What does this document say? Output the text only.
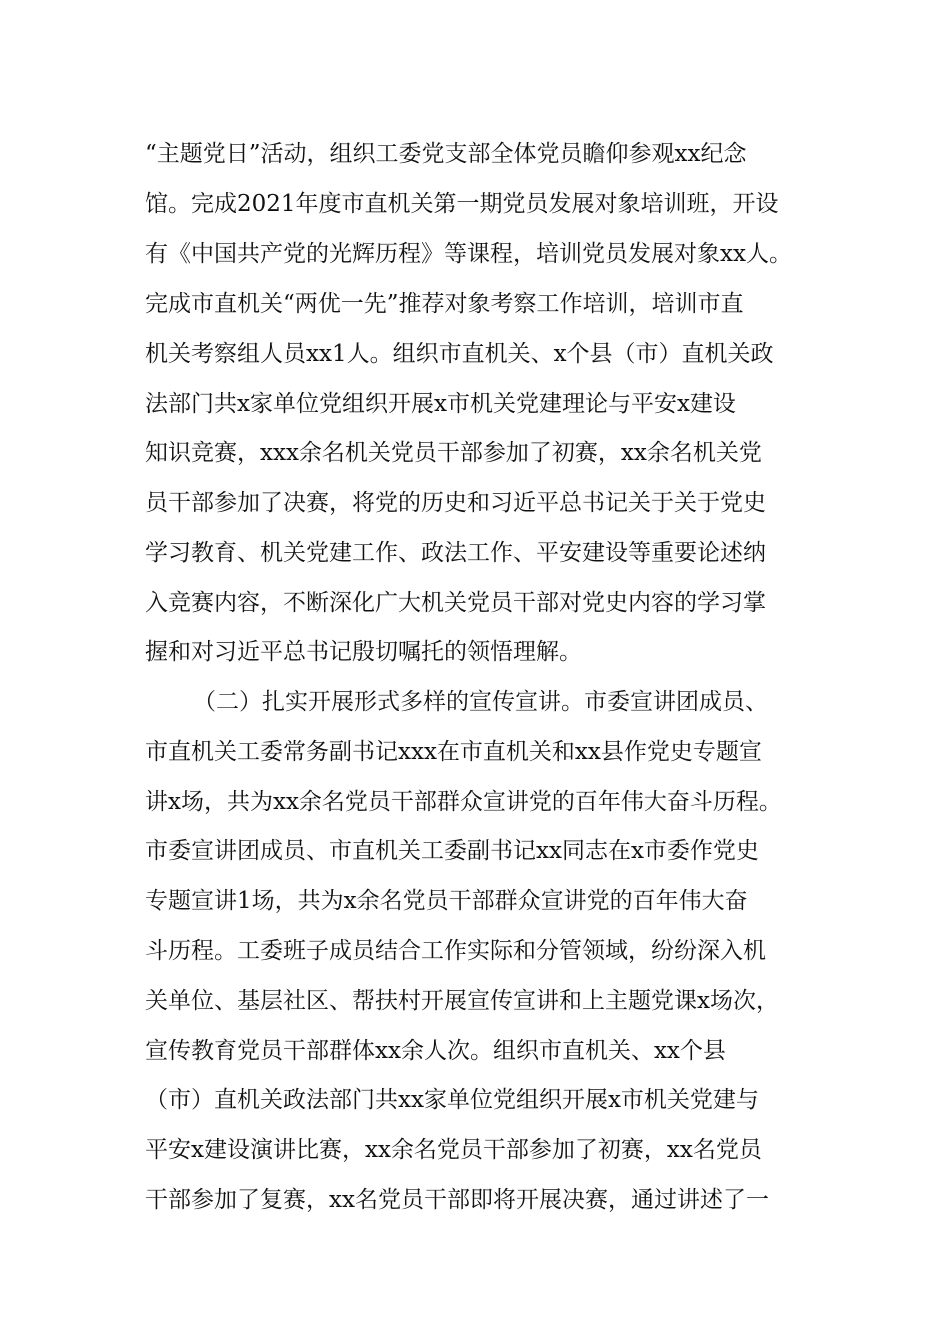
“主题党日”活动，组织工委党支部全体党员瞻仰参观xx纪念
馆。完成2021年度市直机关第一期党员发展对象培训班，开设
有《中国共产党的光辉历程》等课程，培训党员发展对象xx人。
完成市直机关“两优一先”推荐对象考察工作培训，培训市直
机关考察组人员xx1人。组织市直机关、x个县（市）直机关政
法部门共x家单位党组织开展x市机关党建理论与平安x建设
知识竞赛，xxx余名机关党员干部参加了初赛，xx余名机关党
员干部参加了决赛，将党的历史和习近平总书记关于关于党史
学习教育、机关党建工作、政法工作、平安建设等重要论述纳
入竞赛内容，不断深化广大机关党员干部对党史内容的学习掌
握和对习近平总书记殷切嘱托的领悟理解。
（二）扎实开展形式多样的宣传宣讲。市委宣讲团成员、
市直机关工委常务副书记xxx在市直机关和xx县作党史专题宣
讲x场，共为xx余名党员干部群众宣讲党的百年伟大奋斗历程。
市委宣讲团成员、市直机关工委副书记xx同志在x市委作党史
专题宣讲1场，共为x余名党员干部群众宣讲党的百年伟大奋
斗历程。工委班子成员结合工作实际和分管领域，纷纷深入机
关单位、基层社区、帮扶村开展宣传宣讲和上主题党课x场次，
宣传教育党员干部群体xx余人次。组织市直机关、xx个县
（市）直机关政法部门共xx家单位党组织开展x市机关党建与
平安x建设演讲比赛，xx余名党员干部参加了初赛，xx名党员
干部参加了复赛，xx名党员干部即将开展决赛，通过讲述了一
